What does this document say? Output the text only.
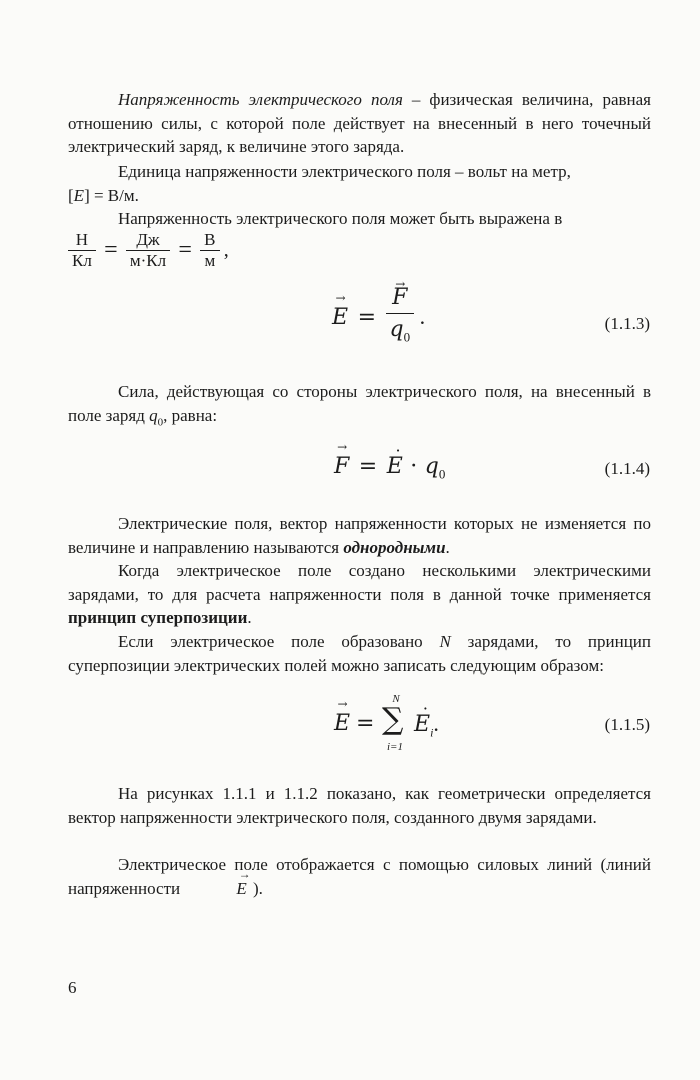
Напряженность электрического поля – физическая величина, равная отношению силы, с которой поле действует на внесенный в него точечный электрический заряд, к величине этого заряда.

Единица напряженности электрического поля – вольт на метр,
[E] = В/м.

Напряженность электрического поля может быть выражена в

$\frac{Н}{Кл} = \frac{Дж}{м\cdot Кл} = \frac{В}{м}$ ,
→ E = → $\frac{F}{q_0}$ .	(1.1.3)

Сила, действующая со стороны электрического поля, на внесенный в поле заряд $q_0$, равна:

→ F = · $E \cdot q_0$	(1.1.4)

Электрические поля, вектор напряженности которых не изменяется по величине и направлению называются однородными.

Когда электрическое поле создано несколькими электрическими зарядами, то для расчета напряженности поля в данной точке применяется принцип суперпозиции.

Если электрическое поле образовано N зарядами, то принцип суперпозиции электрических полей можно записать следующим образом:

→ E =
N
∑
i=1
· $E_i$.	(1.1.5)

На рисунках 1.1.1 и 1.1.2 показано, как геометрически определяется вектор напряженности электрического поля, созданного двумя зарядами.

Электрическое поле отображается с помощью силовых линий (линий напряженности	→ E ).

6
